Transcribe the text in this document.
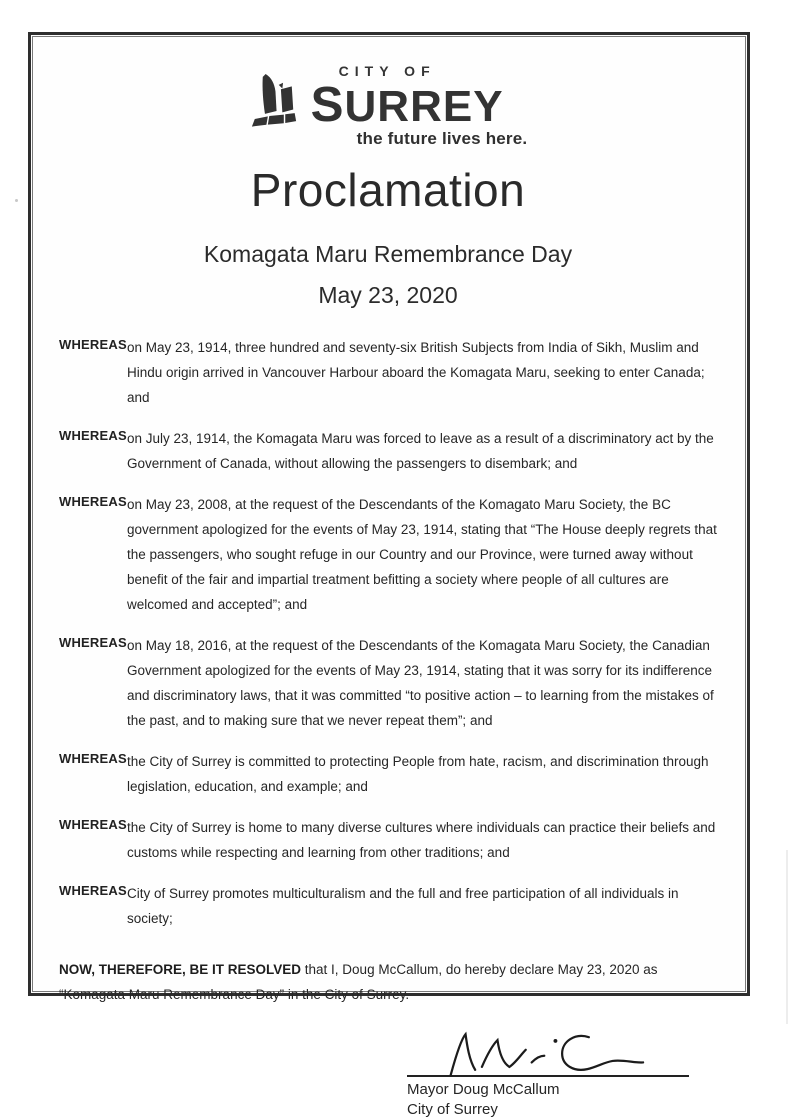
CITY OF
SURREY
the future lives here.
Proclamation
Komagata Maru Remembrance Day
May 23, 2020
WHEREAS on May 23, 1914, three hundred and seventy-six British Subjects from India of Sikh, Muslim and Hindu origin arrived in Vancouver Harbour aboard the Komagata Maru, seeking to enter Canada; and

WHEREAS on July 23, 1914, the Komagata Maru was forced to leave as a result of a discriminatory act by the Government of Canada, without allowing the passengers to disembark; and

WHEREAS on May 23, 2008, at the request of the Descendants of the Komagato Maru Society, the BC government apologized for the events of May 23, 1914, stating that “The House deeply regrets that the passengers, who sought refuge in our Country and our Province, were turned away without benefit of the fair and impartial treatment befitting a society where people of all cultures are welcomed and accepted”; and

WHEREAS on May 18, 2016, at the request of the Descendants of the Komagata Maru Society, the Canadian Government apologized for the events of May 23, 1914, stating that it was sorry for its indifference and discriminatory laws, that it was committed “to positive action – to learning from the mistakes of the past, and to making sure that we never repeat them”; and

WHEREAS the City of Surrey is committed to protecting People from hate, racism, and discrimination through legislation, education, and example; and

WHEREAS the City of Surrey is home to many diverse cultures where individuals can practice their beliefs and customs while respecting and learning from other traditions; and

WHEREAS City of Surrey promotes multiculturalism and the full and free participation of all individuals in society;

NOW, THEREFORE, BE IT RESOLVED that I, Doug McCallum, do hereby declare May 23, 2020 as “Komagata Maru Remembrance Day” in the City of Surrey.

Mayor Doug McCallum
City of Surrey
